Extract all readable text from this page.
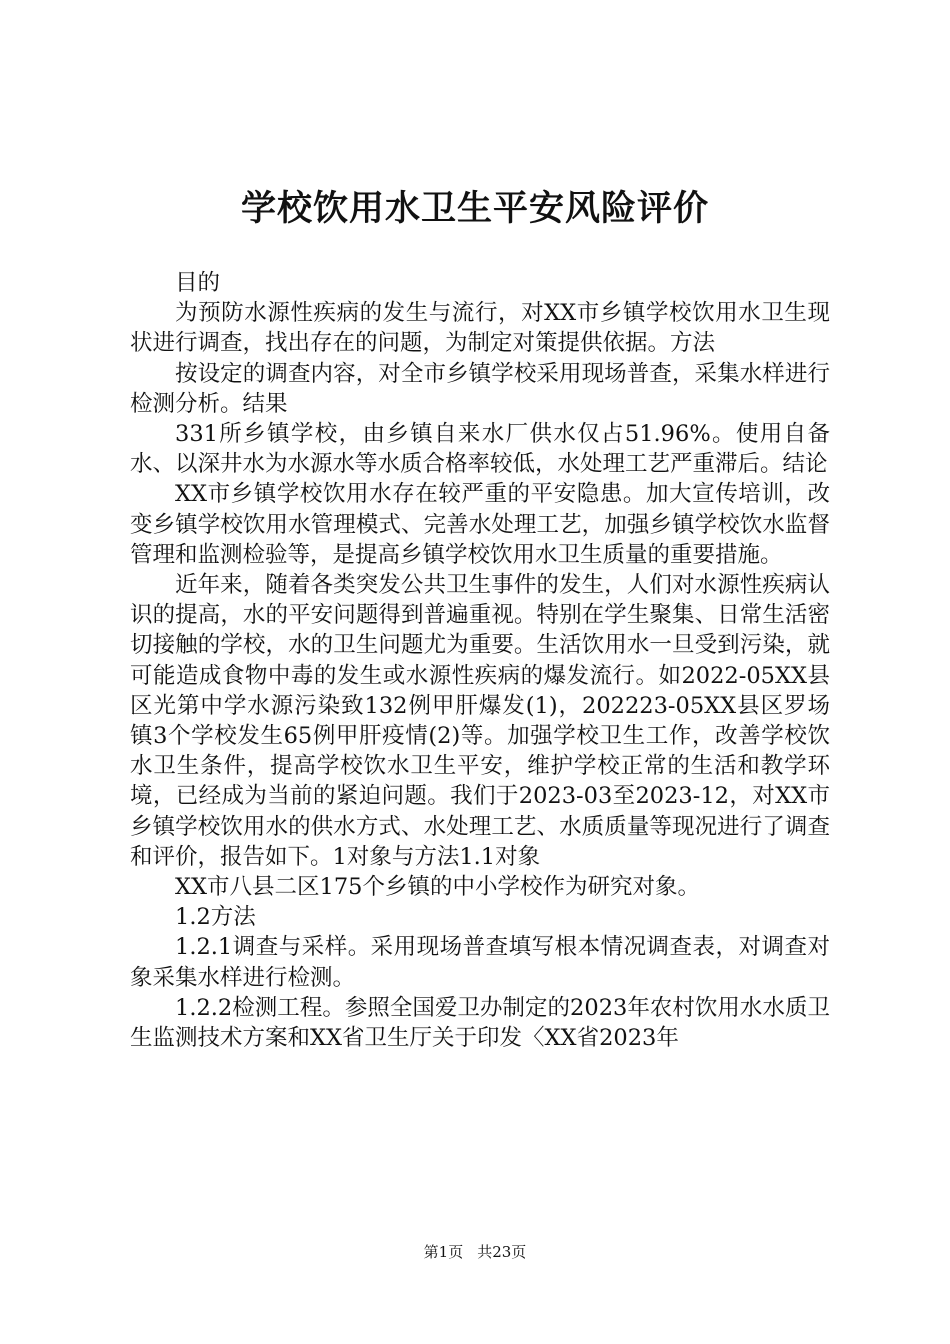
学校饮用水卫生平安风险评价

目的

为预防水源性疾病的发生与流行，对XX市乡镇学校饮用水卫生现状进行调查，找出存在的问题，为制定对策提供依据。方法

按设定的调查内容，对全市乡镇学校采用现场普查，采集水样进行检测分析。结果

331所乡镇学校，由乡镇自来水厂供水仅占51.96%。使用自备水、以深井水为水源水等水质合格率较低，水处理工艺严重滞后。结论

XX市乡镇学校饮用水存在较严重的平安隐患。加大宣传培训，改变乡镇学校饮用水管理模式、完善水处理工艺，加强乡镇学校饮水监督管理和监测检验等，是提高乡镇学校饮用水卫生质量的重要措施。

近年来，随着各类突发公共卫生事件的发生，人们对水源性疾病认识的提高，水的平安问题得到普遍重视。特别在学生聚集、日常生活密切接触的学校，水的卫生问题尤为重要。生活饮用水一旦受到污染，就可能造成食物中毒的发生或水源性疾病的爆发流行。如2022-05XX县区光第中学水源污染致132例甲肝爆发(1)，202223-05XX县区罗场镇3个学校发生65例甲肝疫情(2)等。加强学校卫生工作，改善学校饮水卫生条件，提高学校饮水卫生平安，维护学校正常的生活和教学环境，已经成为当前的紧迫问题。我们于2023-03至2023-12，对XX市乡镇学校饮用水的供水方式、水处理工艺、水质质量等现况进行了调查和评价，报告如下。1对象与方法1.1对象

XX市八县二区175个乡镇的中小学校作为研究对象。

1.2方法

1.2.1调查与采样。采用现场普查填写根本情况调查表，对调查对象采集水样进行检测。

1.2.2检测工程。参照全国爱卫办制定的2023年农村饮用水水质卫生监测技术方案和XX省卫生厅关于印发〈XX省2023年

第1页 共23页
